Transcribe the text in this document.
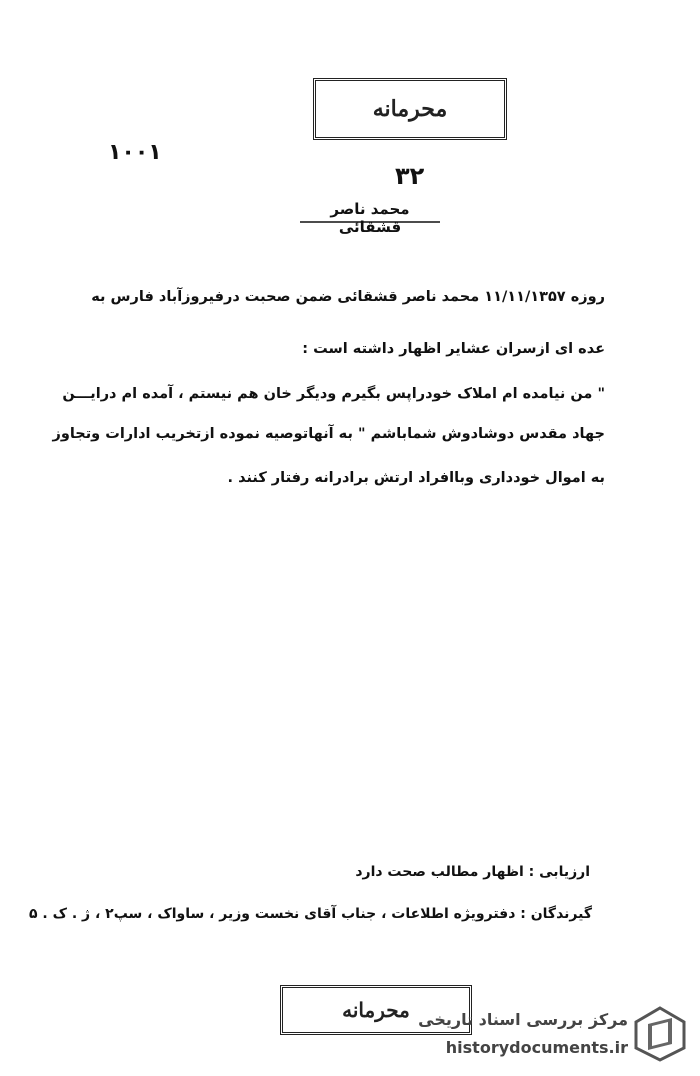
محرمانه
۱۰۰۱
۳۲
محمد ناصر قشقائی
روزه ۱۱/۱۱/۱۳۵۷ محمد ناصر قشقائی ضمن صحبت درفیروزآباد فارس به
عده ای ازسران عشایر اظهار داشته است :
" من نیامده ام املاک خودراپس بگیرم ودیگر خان هم نیستم ، آمده ام درایـــن
جهاد مقدس دوشادوش شماباشم " به آنهاتوصیه نموده ازتخریب ادارات وتجاوز
به اموال خودداری وباافراد ارتش برادرانه رفتار کنند .
ارزیابی : اظهار مطالب صحت دارد
گیرندگان : دفترویژه اطلاعات ، جناب آقای نخست وزیر ، ساواک ، سپ۲ ، ژ . ک . ۵
محرمانه مرکز بررسی اسناد تاریخی
historydocuments.ir
